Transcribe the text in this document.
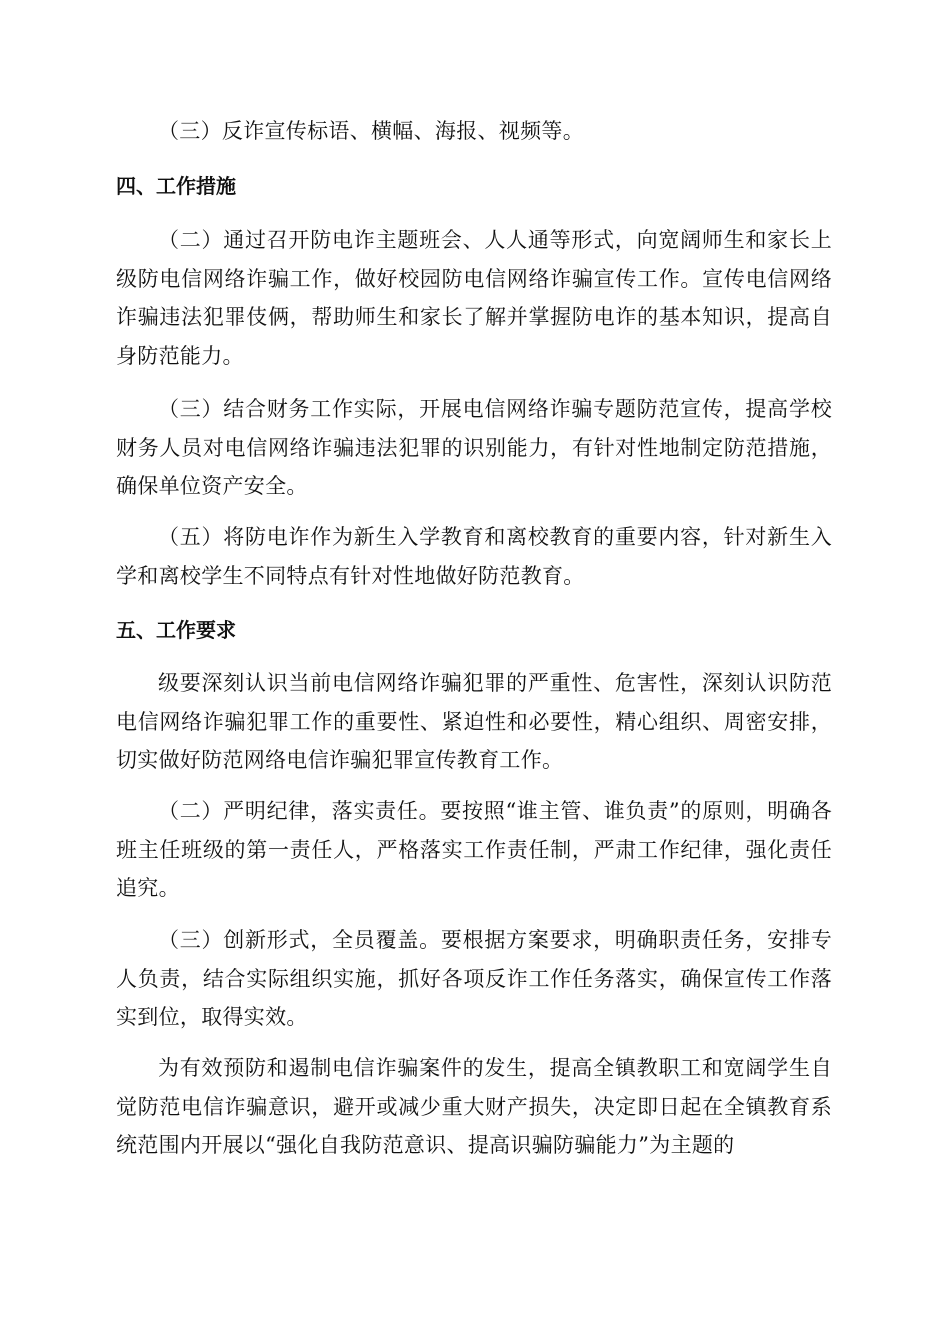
（三）反诈宣传标语、横幅、海报、视频等。

四、工作措施

（二）通过召开防电诈主题班会、人人通等形式，向宽阔师生和家长上级防电信网络诈骗工作，做好校园防电信网络诈骗宣传工作。宣传电信网络诈骗违法犯罪伎俩，帮助师生和家长了解并掌握防电诈的基本知识，提高自身防范能力。

（三）结合财务工作实际，开展电信网络诈骗专题防范宣传，提高学校财务人员对电信网络诈骗违法犯罪的识别能力，有针对性地制定防范措施，确保单位资产安全。

（五）将防电诈作为新生入学教育和离校教育的重要内容，针对新生入学和离校学生不同特点有针对性地做好防范教育。

五、工作要求

级要深刻认识当前电信网络诈骗犯罪的严重性、危害性，深刻认识防范电信网络诈骗犯罪工作的重要性、紧迫性和必要性，精心组织、周密安排，切实做好防范网络电信诈骗犯罪宣传教育工作。

（二）严明纪律，落实责任。要按照“谁主管、谁负责”的原则，明确各班主任班级的第一责任人，严格落实工作责任制，严肃工作纪律，强化责任追究。

（三）创新形式，全员覆盖。要根据方案要求，明确职责任务，安排专人负责，结合实际组织实施，抓好各项反诈工作任务落实，确保宣传工作落实到位，取得实效。

为有效预防和遏制电信诈骗案件的发生，提高全镇教职工和宽阔学生自觉防范电信诈骗意识，避开或减少重大财产损失，决定即日起在全镇教育系统范围内开展以“强化自我防范意识、提高识骗防骗能力”为主题的
